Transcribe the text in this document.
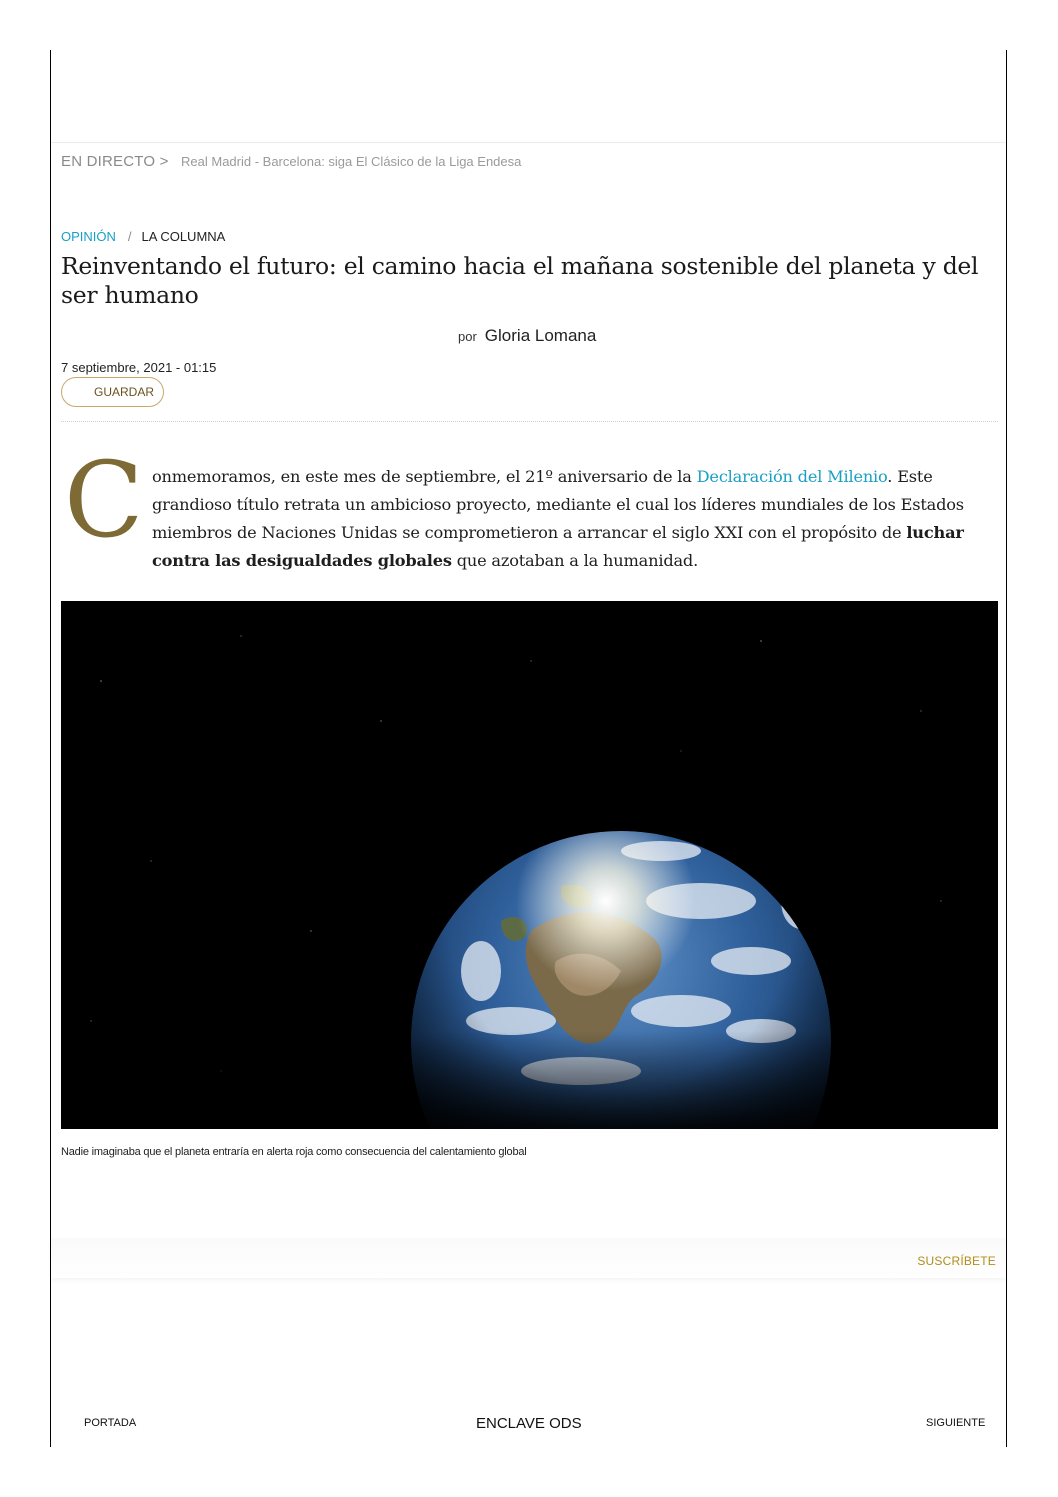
EN DIRECTO > Real Madrid - Barcelona: siga El Clásico de la Liga Endesa
OPINIÓN / LA COLUMNA
Reinventando el futuro: el camino hacia el mañana sostenible del planeta y del ser humano
por Gloria Lomana
7 septiembre, 2021 - 01:15
GUARDAR
C onmemoramos, en este mes de septiembre, el 21º aniversario de la Declaración del Milenio. Este grandioso título retrata un ambicioso proyecto, mediante el cual los líderes mundiales de los Estados miembros de Naciones Unidas se comprometieron a arrancar el siglo XXI con el propósito de luchar contra las desigualdades globales que azotaban a la humanidad.

Nadie imaginaba que el planeta entraría en alerta roja como consecuencia del calentamiento global
SUSCRÍBETE
PORTADA	ENCLAVE ODS	SIGUIENTE
